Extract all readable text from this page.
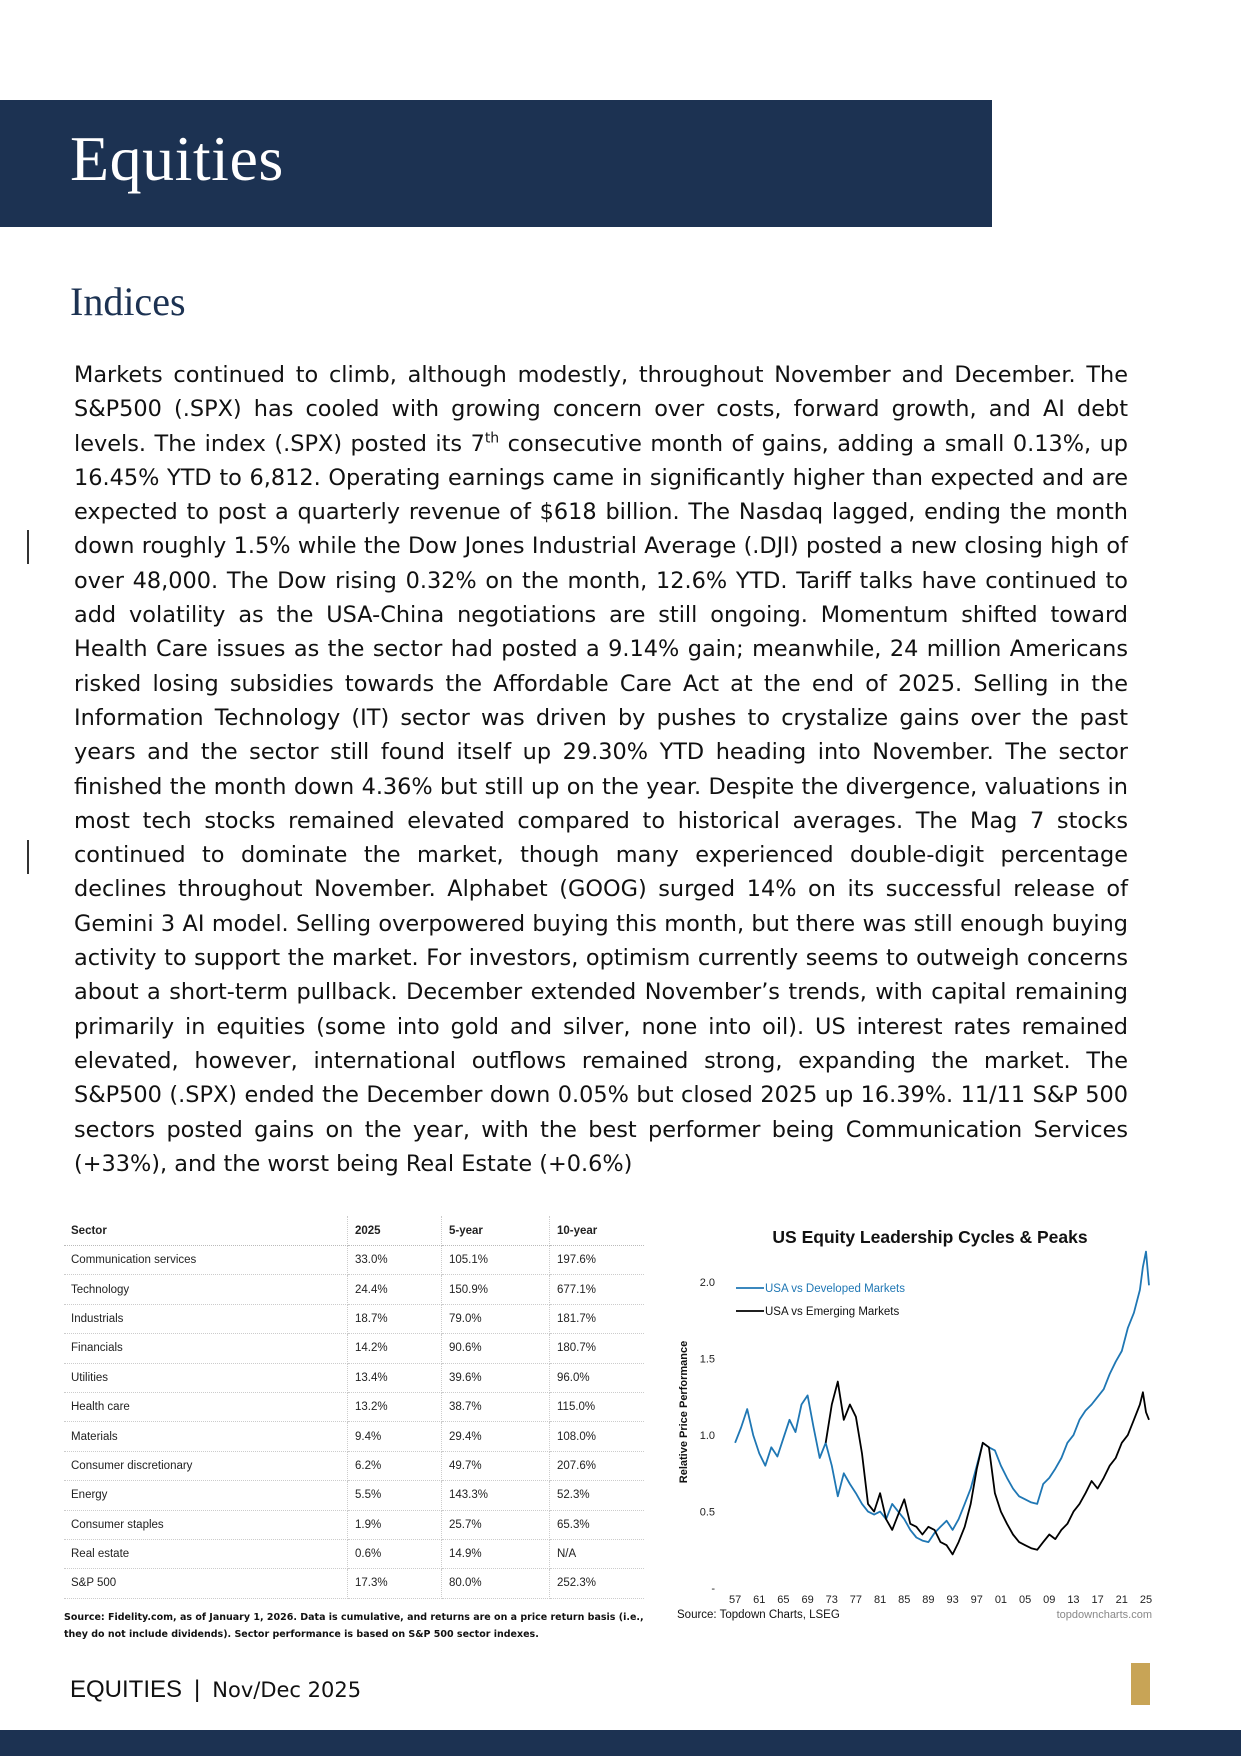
Equities
Indices

Markets continued to climb, although modestly, throughout November and December. The S&P500 (.SPX) has cooled with growing concern over costs, forward growth, and AI debt levels. The index (.SPX) posted its 7th consecutive month of gains, adding a small 0.13%, up 16.45% YTD to 6,812. Operating earnings came in significantly higher than expected and are expected to post a quarterly revenue of $618 billion. The Nasdaq lagged, ending the month down roughly 1.5% while the Dow Jones Industrial Average (.DJI) posted a new closing high of over 48,000. The Dow rising 0.32% on the month, 12.6% YTD. Tariff talks have continued to add volatility as the USA-China negotiations are still ongoing. Momentum shifted toward Health Care issues as the sector had posted a 9.14% gain; meanwhile, 24 million Americans risked losing subsidies towards the Affordable Care Act at the end of 2025. Selling in the Information Technology (IT) sector was driven by pushes to crystalize gains over the past years and the sector still found itself up 29.30% YTD heading into November. The sector finished the month down 4.36% but still up on the year. Despite the divergence, valuations in most tech stocks remained elevated compared to historical averages. The Mag 7 stocks continued to dominate the market, though many experienced double-digit percentage declines throughout November. Alphabet (GOOG) surged 14% on its successful release of Gemini 3 AI model. Selling overpowered buying this month, but there was still enough buying activity to support the market. For investors, optimism currently seems to outweigh concerns about a short-term pullback. December extended November’s trends, with capital remaining primarily in equities (some into gold and silver, none into oil). US interest rates remained elevated, however, international outflows remained strong, expanding the market. The S&P500 (.SPX) ended the December down 0.05% but closed 2025 up 16.39%. 11/11 S&P 500 sectors posted gains on the year, with the best performer being Communication Services (+33%), and the worst being Real Estate (+0.6%)

Sector	2025	5-year	10-year
Communication services	33.0%	105.1%	197.6%
Technology	24.4%	150.9%	677.1%
Industrials	18.7%	79.0%	181.7%
Financials	14.2%	90.6%	180.7%
Utilities	13.4%	39.6%	96.0%
Health care	13.2%	38.7%	115.0%
Materials	9.4%	29.4%	108.0%
Consumer discretionary	6.2%	49.7%	207.6%
Energy	5.5%	143.3%	52.3%
Consumer staples	1.9%	25.7%	65.3%
Real estate	0.6%	14.9%	N/A
S&P 500	17.3%	80.0%	252.3%
Source: Fidelity.com, as of January 1, 2026. Data is cumulative, and returns are on a price return basis (i.e., they do not include dividends). Sector performance is based on S&P 500 sector indexes.
US Equity Leadership Cycles & Peaks
Relative Price Performance
-
0.5
1.0
1.5
2.0
57 61 65 69 73 77 81 85 89 93 97 01 05 09 13 17 21 25
USA vs Developed Markets
USA vs Emerging Markets
Source: Topdown Charts, LSEG	topdowncharts.com
EQUITIES | Nov/Dec 2025
